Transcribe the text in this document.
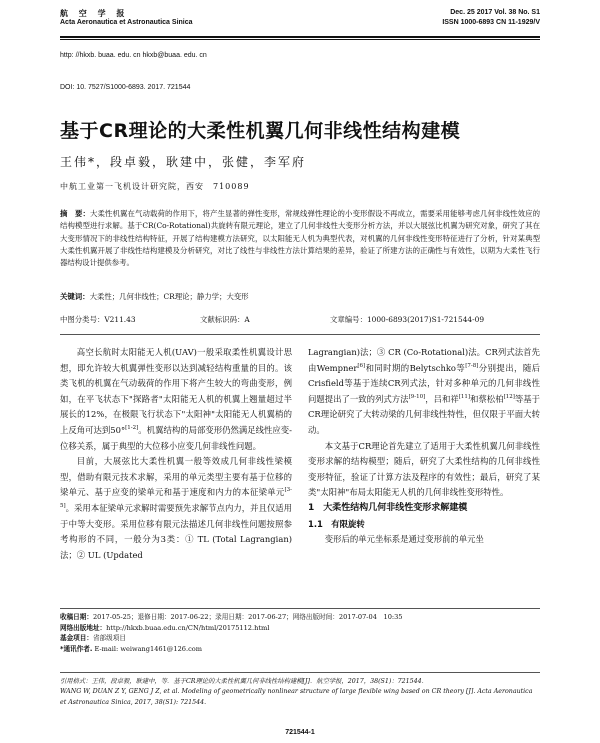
航 空 学 报
Acta Aeronautica et Astronautica Sinica
Dec. 25 2017 Vol. 38 No. S1
ISSN 1000-6893 CN 11-1929/V
http: //hkxb. buaa. edu. cn hkxb@buaa. edu. cn
DOI: 10. 7527/S1000-6893. 2017. 721544
基于CR理论的大柔性机翼几何非线性结构建模
王伟*，段卓毅，耿建中，张健，李军府
中航工业第一飞机设计研究院，西安　710089
摘　要：大柔性机翼在气动载荷的作用下，将产生显著的弹性变形，常规线弹性理论的小变形假设不再成立，需要采用能够考虑几何非线性效应的结构模型进行求解。基于CR(Co-Rotational)共旋转有限元理论，建立了几何非线性大变形分析方法，并以大展弦比机翼为研究对象，研究了其在大变形情况下的非线性结构特征，开展了结构建模方法研究，以太阳能无人机为典型代表，对机翼的几何非线性变形特征进行了分析，针对某典型大柔性机翼开展了非线性结构建模及分析研究，对比了线性与非线性方法计算结果的差异，验证了所建方法的正确性与有效性，以期为大柔性飞行器结构设计提供参考。
关键词：大柔性；几何非线性；CR理论；静力学；大变形
中图分类号：V211.43	文献标识码：A	文章编号：1000-6893(2017)S1-721544-09

高空长航时太阳能无人机(UAV)一般采取柔性机翼设计思想，即允许较大机翼弹性变形以达到减轻结构重量的目的。该类飞机的机翼在气动载荷的作用下将产生较大的弯曲变形，例如，在平飞状态下"探路者"太阳能无人机的机翼上翘量超过半展长的12%，在极限飞行状态下"太阳神"太阳能无人机翼梢的上反角可达到50°[1-2]。机翼结构的局部变形仍然满足线性应变-位移关系，属于典型的大位移小应变几何非线性问题。

目前，大展弦比大柔性机翼一般等效成几何非线性梁模型，借助有限元技术求解，采用的单元类型主要有基于位移的梁单元、基于应变的梁单元和基于速度和内力的本征梁单元[3-5]。采用本征梁单元求解时需要预先求解节点内力，并且仅适用于中等大变形。采用位移有限元法描述几何非线性问题按照参考构形的不同，一般分为3类：① TL (Total Lagrangian)法；② UL (Updated

Lagrangian)法；③ CR (Co-Rotational)法。CR列式法首先由Wempner[6]和同时期的Belytschko等[7-8]分别提出，随后Crisfield等基于连续CR列式法，针对多种单元的几何非线性问题提出了一致的列式方法[9-10]，吕和祥[11]和蔡松柏[12]等基于CR理论研究了大转动梁的几何非线性特性，但仅限于平面大转动。

本文基于CR理论首先建立了适用于大柔性机翼几何非线性变形求解的结构模型；随后，研究了大柔性结构的几何非线性变形特征，验证了计算方法及程序的有效性；最后，研究了某类"太阳神"布局太阳能无人机的几何非线性变形特性。

1　大柔性结构几何非线性变形求解建模

1.1　有限旋转

变形后的单元坐标系是通过变形前的单元坐

收稿日期：2017-05-25；退修日期：2017-06-22；录用日期：2017-06-27；网络出版时间：2017-07-04　10:35
网络出版地址：http://hkxb.buaa.edu.cn/CN/html/20175112.html
基金项目：省部级项目
*通讯作者. E-mail: weiwang1461@126.com
引用格式：王伟，段卓毅，耿建中，等．基于CR理论的大柔性机翼几何非线性结构建模[J]．航空学报，2017，38(S1)：721544．
WANG W, DUAN Z Y, GENG J Z, et al. Modeling of geometrically nonlinear structure of large flexible wing based on CR theory [J]. Acta Aeronautica et Astronautica Sinica, 2017, 38(S1): 721544.
721544-1
